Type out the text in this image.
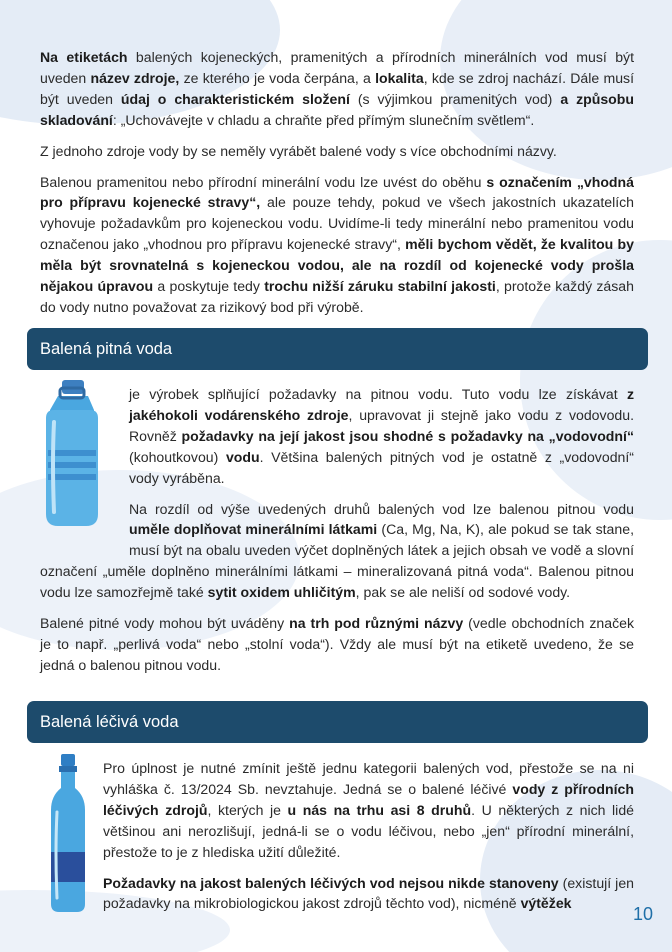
Na etiketách balených kojeneckých, pramenitých a přírodních minerálních vod musí být uveden název zdroje, ze kterého je voda čerpána, a lokalita, kde se zdroj nachází. Dále musí být uveden údaj o charakteristickém složení (s výjimkou pramenitých vod) a způsobu skladování: „Uchovávejte v chladu a chraňte před přímým slunečním světlem“.

Z jednoho zdroje vody by se neměly vyrábět balené vody s více obchodními názvy.

Balenou pramenitou nebo přírodní minerální vodu lze uvést do oběhu s označením „vhodná pro přípravu kojenecké stravy“, ale pouze tehdy, pokud ve všech jakostních ukazatelích vyhovuje požadavkům pro kojeneckou vodu. Uvidíme-li tedy minerální nebo pramenitou vodu označenou jako „vhodnou pro přípravu kojenecké stravy“, měli bychom vědět, že kvalitou by měla být srovnatelná s kojeneckou vodou, ale na rozdíl od kojenecké vody prošla nějakou úpravou a poskytuje tedy trochu nižší záruku stabilní jakosti, protože každý zásah do vody nutno považovat za rizikový bod při výrobě.

Balená pitná voda

je výrobek splňující požadavky na pitnou vodu. Tuto vodu lze získávat z jakéhokoli vodárenského zdroje, upravovat ji stejně jako vodu z vodovodu. Rovněž požadavky na její jakost jsou shodné s požadavky na „vodovodní“ (kohoutkovou) vodu. Většina balených pitných vod je ostatně z „vodovodní“ vody vyráběna.

Na rozdíl od výše uvedených druhů balených vod lze balenou pitnou vodu uměle doplňovat minerálními látkami (Ca, Mg, Na, K), ale pokud se tak stane, musí být na obalu uveden výčet doplněných látek a jejich obsah ve vodě a slovní označení „uměle doplněno minerálními látkami – mineralizovaná pitná voda“. Balenou pitnou vodu lze samozřejmě také sytit oxidem uhličitým, pak se ale neliší od sodové vody.

Balené pitné vody mohou být uváděny na trh pod různými názvy (vedle obchodních značek je to např. „perlivá voda“ nebo „stolní voda“). Vždy ale musí být na etiketě uvedeno, že se jedná o balenou pitnou vodu.

Balená léčivá voda

Pro úplnost je nutné zmínit ještě jednu kategorii balených vod, přestože se na ni vyhláška č. 13/2024 Sb. nevztahuje. Jedná se o balené léčivé vody z přírodních léčivých zdrojů, kterých je u nás na trhu asi 8 druhů. U některých z nich lidé většinou ani nerozlišují, jedná-li se o vodu léčivou, nebo „jen“ přírodní minerální, přestože to je z hlediska užití důležité.

Požadavky na jakost balených léčivých vod nejsou nikde stanoveny (existují jen požadavky na mikrobiologickou jakost zdrojů těchto vod), nicméně výtěžek

10
